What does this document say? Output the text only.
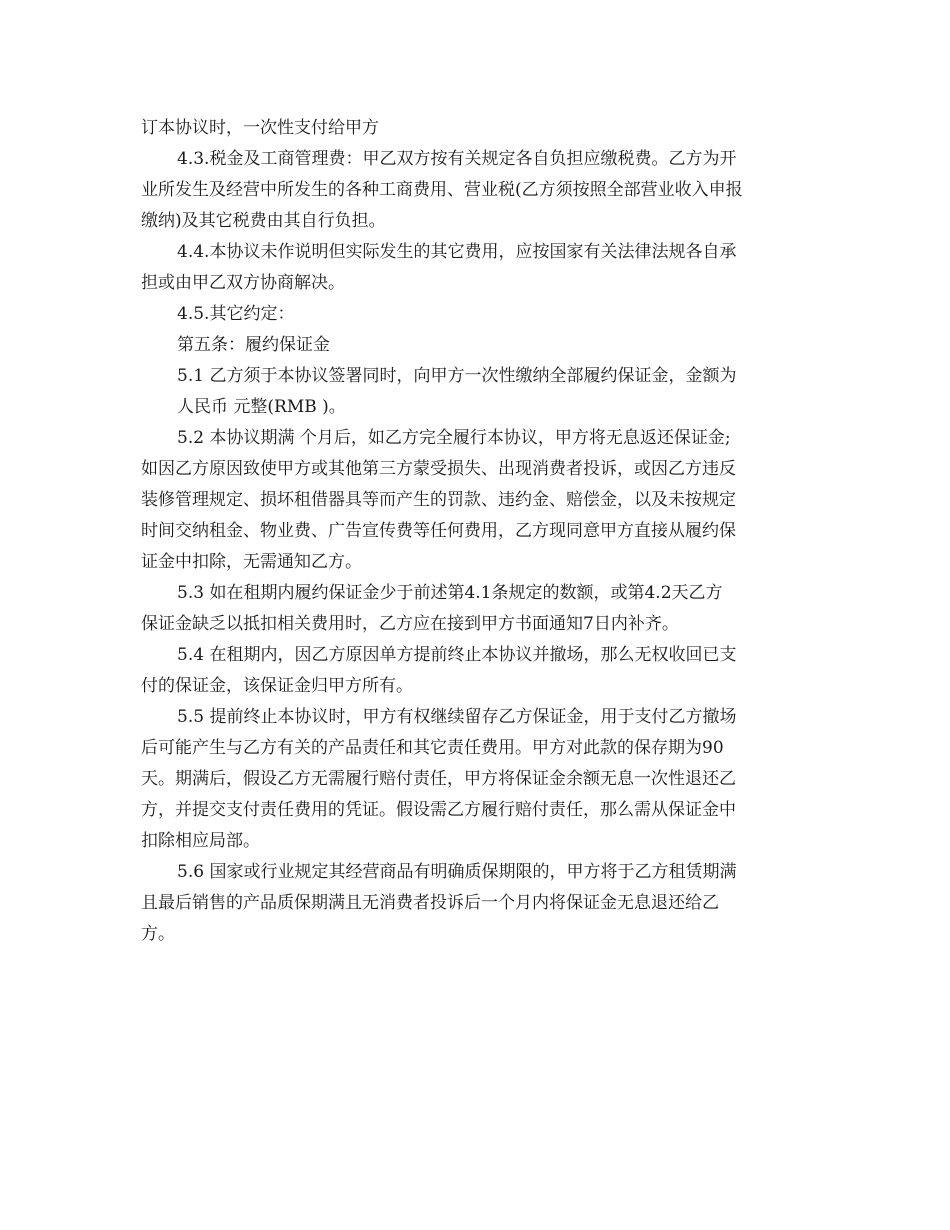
订本协议时，一次性支付给甲方
4.3.税金及工商管理费：甲乙双方按有关规定各自负担应缴税费。乙方为开
业所发生及经营中所发生的各种工商费用、营业税(乙方须按照全部营业收入申报
缴纳)及其它税费由其自行负担。
4.4.本协议未作说明但实际发生的其它费用，应按国家有关法律法规各自承
担或由甲乙双方协商解决。
4.5.其它约定：
第五条：履约保证金
5.1 乙方须于本协议签署同时，向甲方一次性缴纳全部履约保证金，金额为
人民币 元整(RMB )。
5.2 本协议期满 个月后，如乙方完全履行本协议，甲方将无息返还保证金;
如因乙方原因致使甲方或其他第三方蒙受损失、出现消费者投诉，或因乙方违反
装修管理规定、损坏租借器具等而产生的罚款、违约金、赔偿金，以及未按规定
时间交纳租金、物业费、广告宣传费等任何费用，乙方现同意甲方直接从履约保
证金中扣除，无需通知乙方。
5.3 如在租期内履约保证金少于前述第4.1条规定的数额，或第4.2天乙方
保证金缺乏以抵扣相关费用时，乙方应在接到甲方书面通知7日内补齐。
5.4 在租期内，因乙方原因单方提前终止本协议并撤场，那么无权收回已支
付的保证金，该保证金归甲方所有。
5.5 提前终止本协议时，甲方有权继续留存乙方保证金，用于支付乙方撤场
后可能产生与乙方有关的产品责任和其它责任费用。甲方对此款的保存期为90
天。期满后，假设乙方无需履行赔付责任，甲方将保证金余额无息一次性退还乙
方，并提交支付责任费用的凭证。假设需乙方履行赔付责任，那么需从保证金中
扣除相应局部。
5.6 国家或行业规定其经营商品有明确质保期限的，甲方将于乙方租赁期满
且最后销售的产品质保期满且无消费者投诉后一个月内将保证金无息退还给乙
方。
